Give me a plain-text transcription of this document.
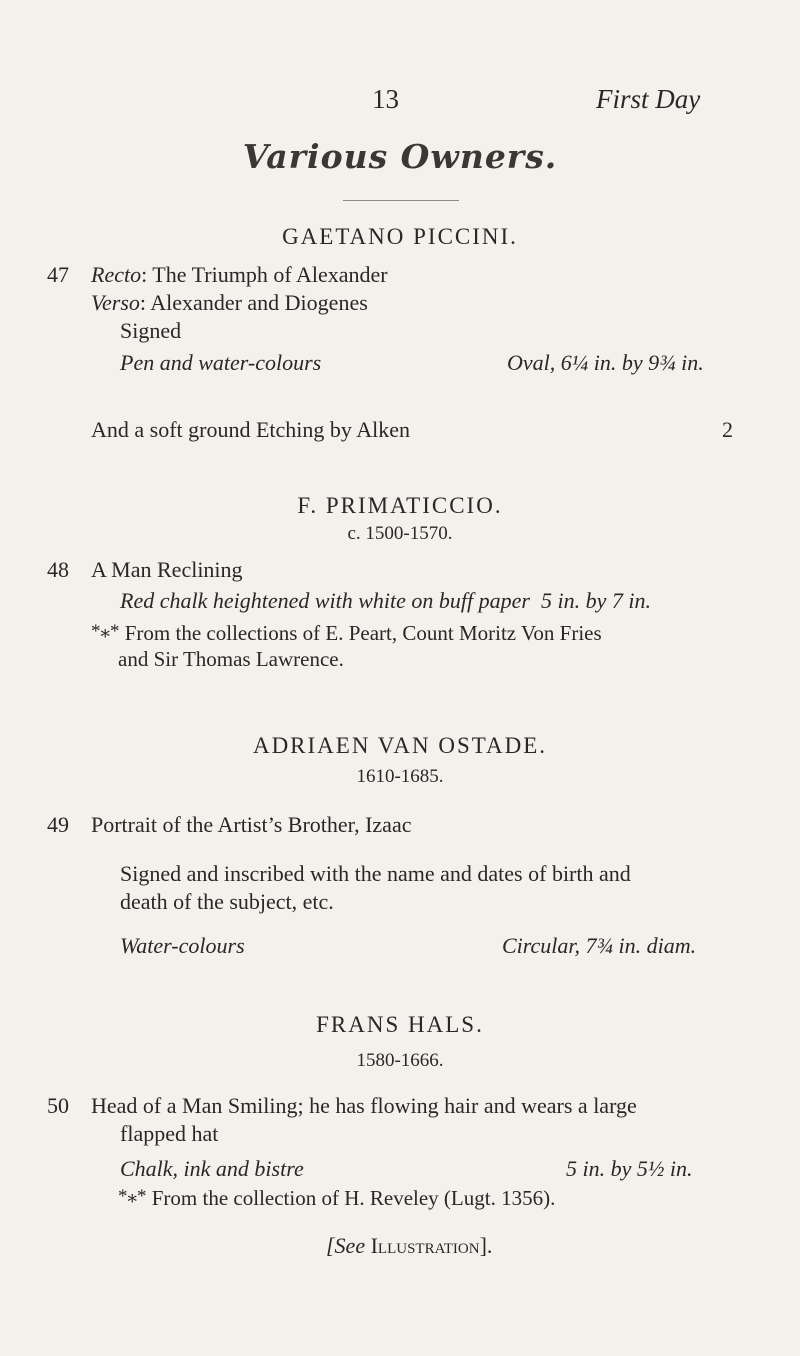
13	First Day
Various Owners.
GAETANO PICCINI.
47 Recto: The Triumph of Alexander
Verso: Alexander and Diogenes
Signed
Pen and water-colours	Oval, 6¼ in. by 9¾ in.
And a soft ground Etching by Alken	2
F. PRIMATICCIO.
c. 1500-1570.
48 A Man Reclining
Red chalk heightened with white on buff paper  5 in. by 7 in.
*⁎* From the collections of E. Peart, Count Moritz Von Fries
and Sir Thomas Lawrence.
ADRIAEN VAN OSTADE.
1610-1685.
49 Portrait of the Artist’s Brother, Izaac
Signed and inscribed with the name and dates of birth and
death of the subject, etc.
Water-colours	Circular, 7¾ in. diam.
FRANS HALS.
1580-1666.
50 Head of a Man Smiling; he has flowing hair and wears a large
flapped hat
Chalk, ink and bistre	5 in. by 5½ in.
*⁎* From the collection of H. Reveley (Lugt. 1356).
[See Illustration].
